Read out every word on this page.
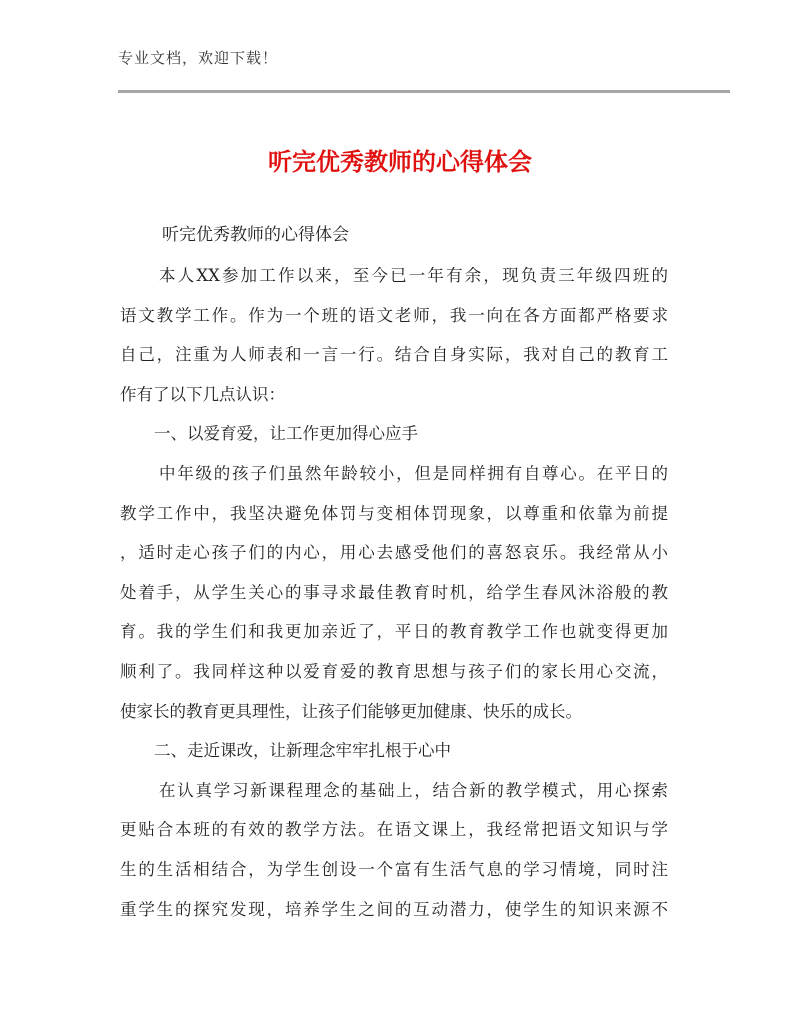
专业文档，欢迎下载！
听完优秀教师的心得体会
听完优秀教师的心得体会
本人XX参加工作以来，至今已一年有余，现负责三年级四班的
语文教学工作。作为一个班的语文老师，我一向在各方面都严格要求
自己，注重为人师表和一言一行。结合自身实际，我对自己的教育工
作有了以下几点认识：
一、以爱育爱，让工作更加得心应手
中年级的孩子们虽然年龄较小，但是同样拥有自尊心。在平日的
教学工作中，我坚决避免体罚与变相体罚现象，以尊重和依靠为前提
，适时走心孩子们的内心，用心去感受他们的喜怒哀乐。我经常从小
处着手，从学生关心的事寻求最佳教育时机，给学生春风沐浴般的教
育。我的学生们和我更加亲近了，平日的教育教学工作也就变得更加
顺利了。我同样这种以爱育爱的教育思想与孩子们的家长用心交流，
使家长的教育更具理性，让孩子们能够更加健康、快乐的成长。
二、走近课改，让新理念牢牢扎根于心中
在认真学习新课程理念的基础上，结合新的教学模式，用心探索
更贴合本班的有效的教学方法。在语文课上，我经常把语文知识与学
生的生活相结合，为学生创设一个富有生活气息的学习情境，同时注
重学生的探究发现，培养学生之间的互动潜力，使学生的知识来源不
